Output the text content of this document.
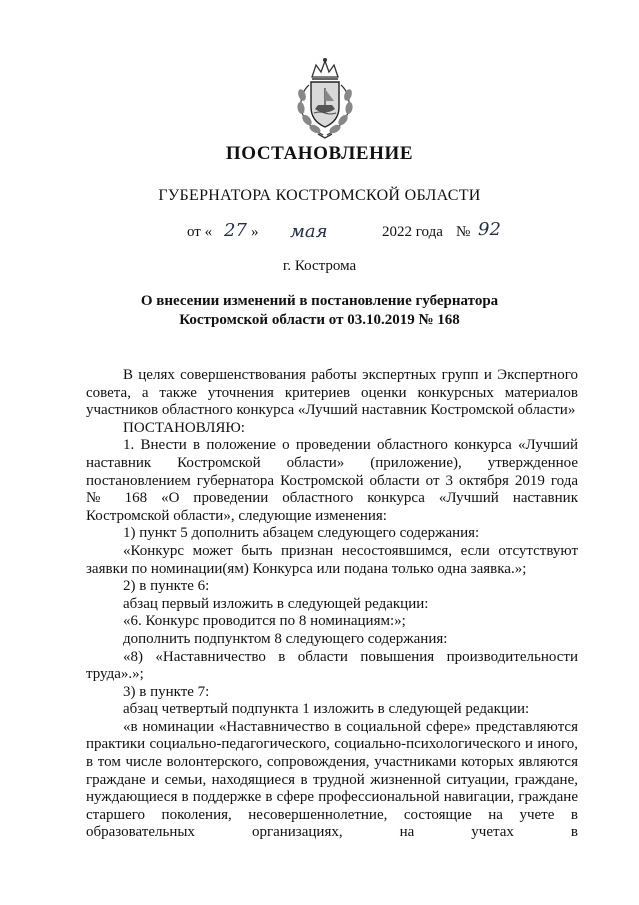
ПОСТАНОВЛЕНИЕ
ГУБЕРНАТОРА КОСТРОМСКОЙ ОБЛАСТИ
от « 27 » мая	2022 года № 92
г. Кострома
О внесении изменений в постановление губернатора
Костромской области от 03.10.2019 № 168

В целях совершенствования работы экспертных групп и Экспертного совета, а также уточнения критериев оценки конкурсных материалов участников областного конкурса «Лучший наставник Костромской области»

ПОСТАНОВЛЯЮ:

1. Внести в положение о проведении областного конкурса «Лучший наставник Костромской области» (приложение), утвержденное постановлением губернатора Костромской области от 3 октября 2019 года № 168 «О проведении областного конкурса «Лучший наставник Костромской области», следующие изменения:

1) пункт 5 дополнить абзацем следующего содержания:

«Конкурс может быть признан несостоявшимся, если отсутствуют заявки по номинации(ям) Конкурса или подана только одна заявка.»;

2) в пункте 6:

абзац первый изложить в следующей редакции:

«6. Конкурс проводится по 8 номинациям:»;

дополнить подпунктом 8 следующего содержания:

«8) «Наставничество в области повышения производительности труда».»;

3) в пункте 7:

абзац четвертый подпункта 1 изложить в следующей редакции:

«в номинации «Наставничество в социальной сфере» представляются практики социально-педагогического, социально-психологического и иного, в том числе волонтерского, сопровождения, участниками которых являются граждане и семьи, находящиеся в трудной жизненной ситуации, граждане, нуждающиеся в поддержке в сфере профессиональной навигации, граждане старшего поколения, несовершеннолетние, состоящие на учете в образовательных организациях, на учетах в
